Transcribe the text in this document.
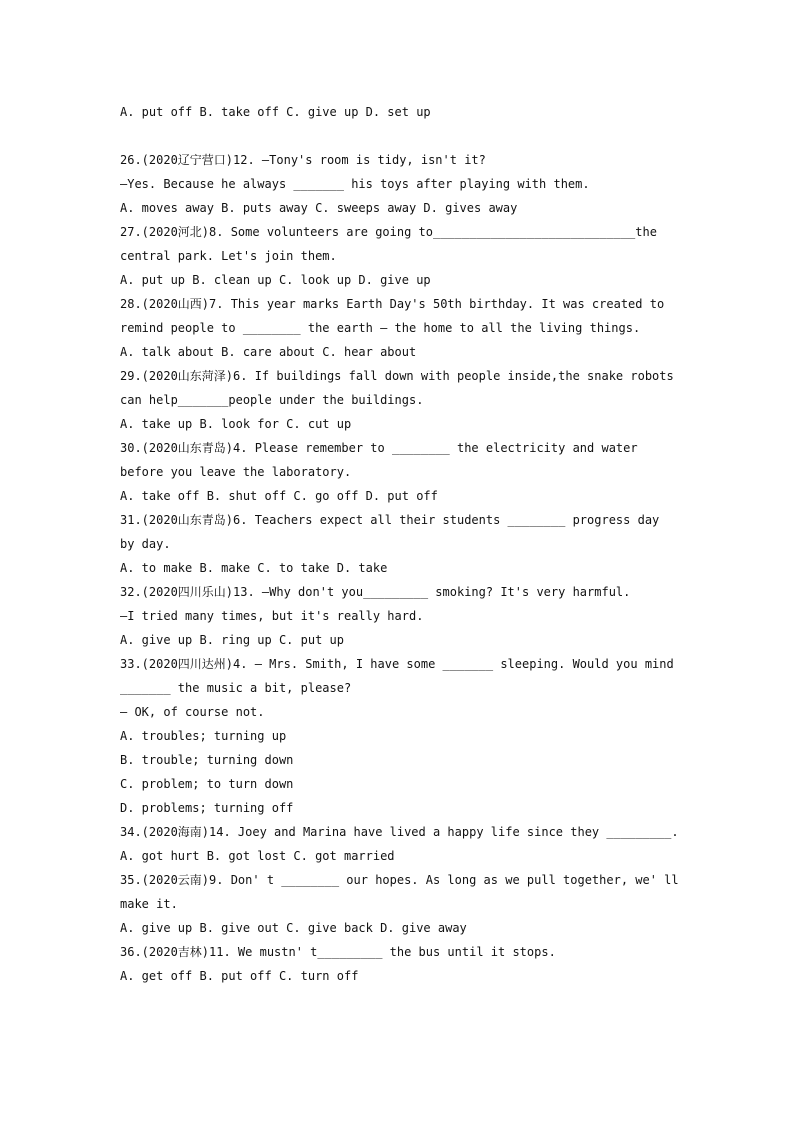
A. put off B. take off C. give up D. set up
26.(2020辽宁营口)12. —Tony's room is tidy, isn't it?
—Yes. Because he always _______ his toys after playing with them.
A. moves away B. puts away C. sweeps away D. gives away
27.(2020河北)8. Some volunteers are going to____________________________the
central park. Let's join them.
A. put up B. clean up C. look up D. give up
28.(2020山西)7. This year marks Earth Day's 50th birthday. It was created to
remind people to ________ the earth — the home to all the living things.
A. talk about B. care about C. hear about
29.(2020山东菏泽)6. If buildings fall down with people inside,the snake robots
can help_______people under the buildings.
A. take up B. look for C. cut up
30.(2020山东青岛)4. Please remember to ________ the electricity and water
before you leave the laboratory.
A. take off B. shut off C. go off D. put off
31.(2020山东青岛)6. Teachers expect all their students ________ progress day
by day.
A. to make B. make C. to take D. take
32.(2020四川乐山)13. —Why don't you_________ smoking? It's very harmful.
—I tried many times, but it's really hard.
A. give up B. ring up C. put up
33.(2020四川达州)4. — Mrs. Smith, I have some _______ sleeping. Would you mind
_______ the music a bit, please?
— OK, of course not.
A. troubles; turning up
B. trouble; turning down
C. problem; to turn down
D. problems; turning off
34.(2020海南)14. Joey and Marina have lived a happy life since they _________.
A. got hurt B. got lost C. got married
35.(2020云南)9. Don' t ________ our hopes. As long as we pull together, we' ll
make it.
A. give up B. give out C. give back D. give away
36.(2020吉林)11. We mustn' t_________ the bus until it stops.
A. get off B. put off C. turn off
